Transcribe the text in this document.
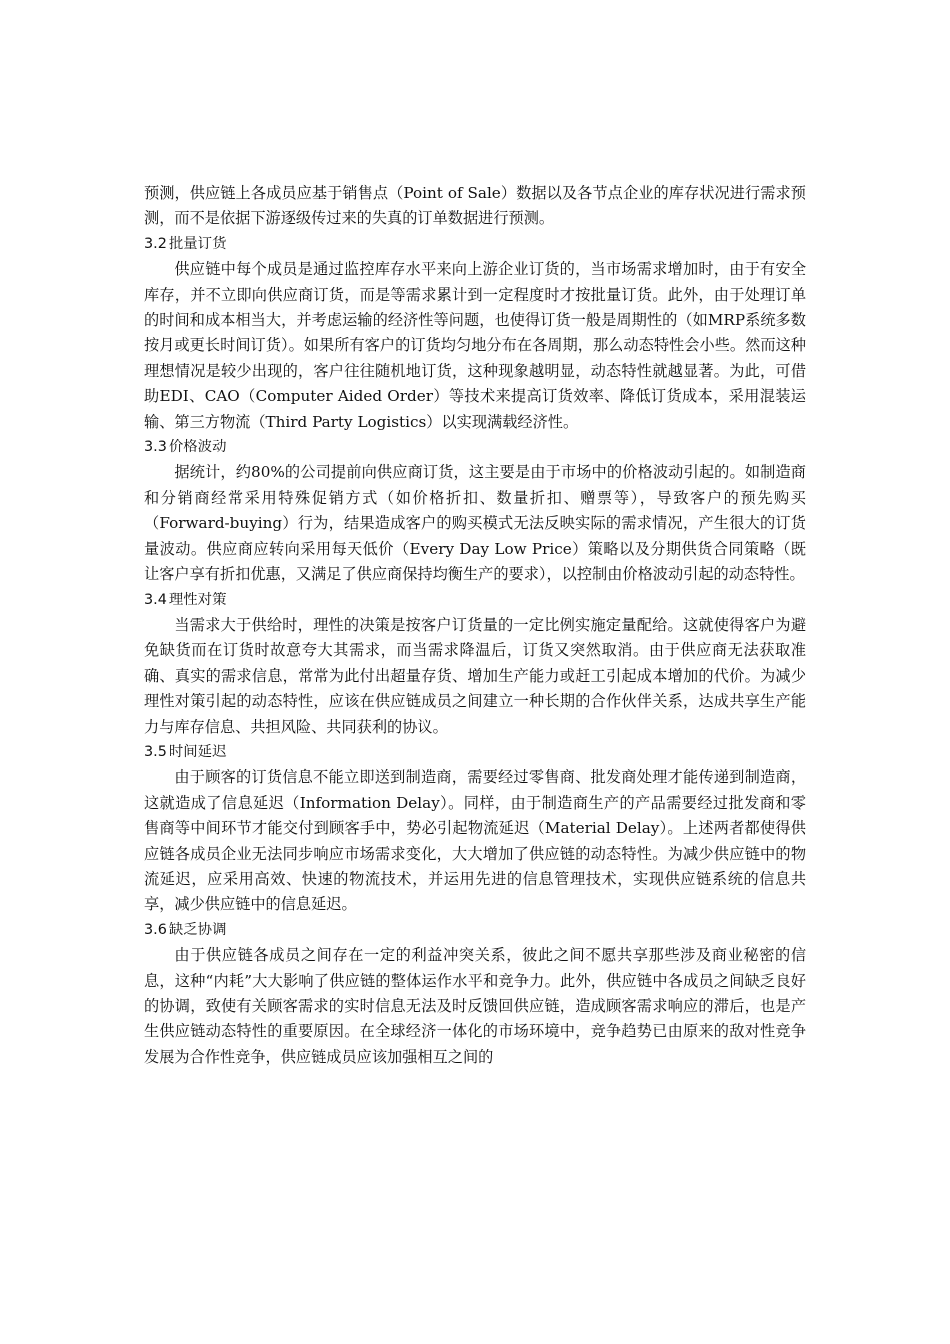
预测，供应链上各成员应基于销售点（Point of Sale）数据以及各节点企业的库存状况进行需求预测，而不是依据下游逐级传过来的失真的订单数据进行预测。

3.2 批量订货

供应链中每个成员是通过监控库存水平来向上游企业订货的，当市场需求增加时，由于有安全库存，并不立即向供应商订货，而是等需求累计到一定程度时才按批量订货。此外，由于处理订单的时间和成本相当大，并考虑运输的经济性等问题，也使得订货一般是周期性的（如MRP系统多数按月或更长时间订货）。如果所有客户的订货均匀地分布在各周期，那么动态特性会小些。然而这种理想情况是较少出现的，客户往往随机地订货，这种现象越明显，动态特性就越显著。为此，可借助EDI、CAO（Computer Aided Order）等技术来提高订货效率、降低订货成本，采用混装运输、第三方物流（Third Party Logistics）以实现满载经济性。

3.3 价格波动

据统计，约80%的公司提前向供应商订货，这主要是由于市场中的价格波动引起的。如制造商和分销商经常采用特殊促销方式（如价格折扣、数量折扣、赠票等），导致客户的预先购买（Forward-buying）行为，结果造成客户的购买模式无法反映实际的需求情况，产生很大的订货量波动。供应商应转向采用每天低价（Every Day Low Price）策略以及分期供货合同策略（既让客户享有折扣优惠，又满足了供应商保持均衡生产的要求），以控制由价格波动引起的动态特性。

3.4 理性对策

当需求大于供给时，理性的决策是按客户订货量的一定比例实施定量配给。这就使得客户为避免缺货而在订货时故意夸大其需求，而当需求降温后，订货又突然取消。由于供应商无法获取准确、真实的需求信息，常常为此付出超量存货、增加生产能力或赶工引起成本增加的代价。为减少理性对策引起的动态特性，应该在供应链成员之间建立一种长期的合作伙伴关系，达成共享生产能力与库存信息、共担风险、共同获利的协议。

3.5 时间延迟

由于顾客的订货信息不能立即送到制造商，需要经过零售商、批发商处理才能传递到制造商，这就造成了信息延迟（Information Delay）。同样，由于制造商生产的产品需要经过批发商和零售商等中间环节才能交付到顾客手中，势必引起物流延迟（Material Delay）。上述两者都使得供应链各成员企业无法同步响应市场需求变化，大大增加了供应链的动态特性。为减少供应链中的物流延迟，应采用高效、快速的物流技术，并运用先进的信息管理技术，实现供应链系统的信息共享，减少供应链中的信息延迟。

3.6 缺乏协调

由于供应链各成员之间存在一定的利益冲突关系，彼此之间不愿共享那些涉及商业秘密的信息，这种“内耗”大大影响了供应链的整体运作水平和竞争力。此外，供应链中各成员之间缺乏良好的协调，致使有关顾客需求的实时信息无法及时反馈回供应链，造成顾客需求响应的滞后，也是产生供应链动态特性的重要原因。在全球经济一体化的市场环境中，竞争趋势已由原来的敌对性竞争发展为合作性竞争，供应链成员应该加强相互之间的
